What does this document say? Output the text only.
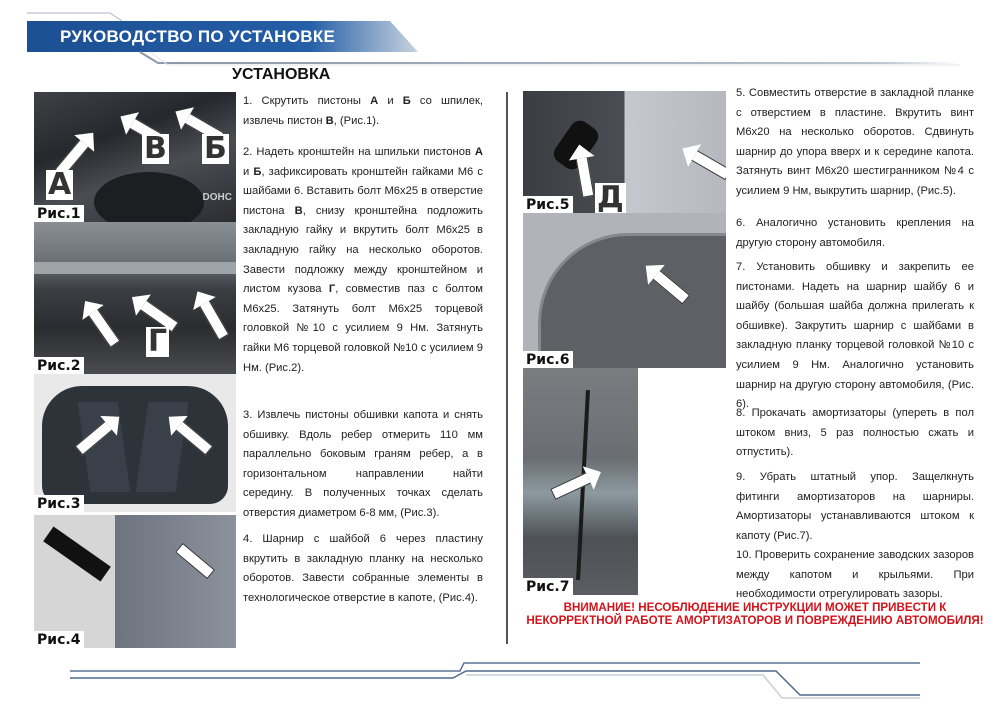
РУКОВОДСТВО ПО УСТАНОВКЕ
УСТАНОВКА
DOHC
А
В Б
Рис.1
Г
Рис.2
Рис.3
Рис.4
1. Скрутить пистоны А и Б со шпилек, извлечь пистон В, (Рис.1).
2. Надеть кронштейн на шпильки пистонов А и Б, зафиксировать кронштейн гайками М6 с шайбами 6. Вставить болт М6х25 в отверстие пистона В, снизу кронштейна подложить закладную гайку и вкрутить болт М6х25 в закладную гайку на несколько оборотов. Завести подложку между кронштейном и листом кузова Г, совместив паз с болтом М6х25. Затянуть болт М6х25 торцевой головкой №10 с усилием 9 Нм. Затянуть гайки М6 торцевой головкой №10 с усилием 9 Нм. (Рис.2).
3. Извлечь пистоны обшивки капота и снять обшивку. Вдоль ребер отмерить 110 мм параллельно боковым граням ребер, а в горизонтальном направлении найти середину. В полученных точках сделать отверстия диаметром 6-8 мм, (Рис.3).
4. Шарнир с шайбой 6 через пластину вкрутить в закладную планку на несколько оборотов. Завести собранные элементы в технологическое отверстие в капоте, (Рис.4).
Д
Рис.5
Рис.6
Рис.7
5. Совместить отверстие в закладной планке с отверстием в пластине. Вкрутить винт М6х20 на несколько оборотов. Сдвинуть шарнир до упора вверх и к середине капота. Затянуть винт М6х20 шестигранником №4 с усилием 9 Нм, выкрутить шарнир, (Рис.5).
6. Аналогично установить крепления на другую сторону автомобиля.
7. Установить обшивку и закрепить ее пистонами. Надеть на шарнир шайбу 6 и шайбу (большая шайба должна прилегать к обшивке). Закрутить шарнир с шайбами в закладную планку торцевой головкой №10 с усилием 9 Нм. Аналогично установить шарнир на другую сторону автомобиля, (Рис. 6).
8. Прокачать амортизаторы (упереть в пол штоком вниз, 5 раз полностью сжать и отпустить).
9. Убрать штатный упор. Защелкнуть фитинги амортизаторов на шарниры. Амортизаторы устанавливаются штоком к капоту (Рис.7).
10. Проверить сохранение заводских зазоров между капотом и крыльями. При необходимости отрегулировать зазоры.
ВНИМАНИЕ! НЕСОБЛЮДЕНИЕ ИНСТРУКЦИИ МОЖЕТ ПРИВЕСТИ К НЕКОРРЕКТНОЙ РАБОТЕ АМОРТИЗАТОРОВ И ПОВРЕЖДЕНИЮ АВТОМОБИЛЯ!
